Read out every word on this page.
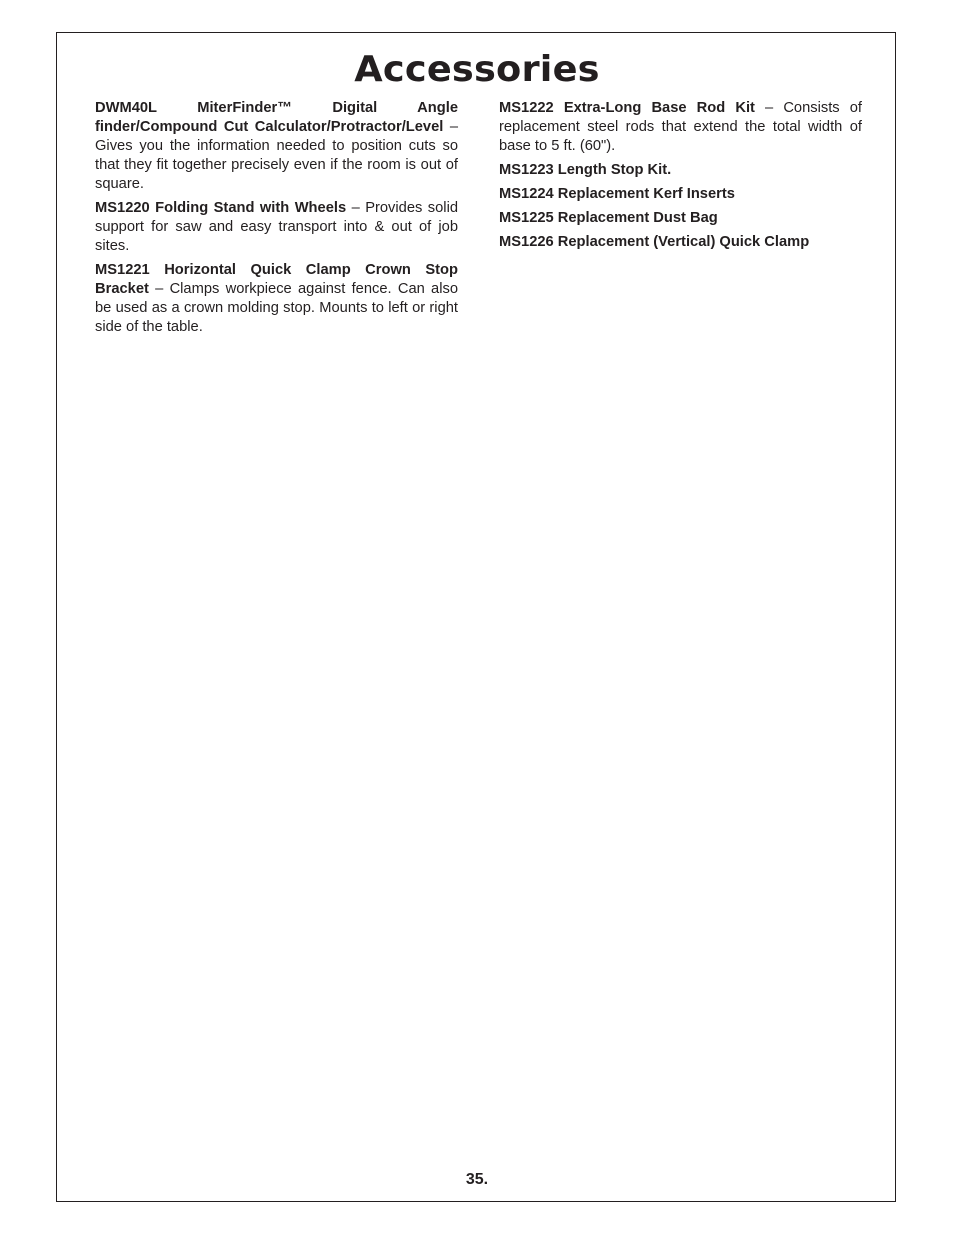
Accessories

DWM40L MiterFinder™ Digital Angle finder/Compound Cut Calculator/Protractor/Level – Gives you the information needed to position cuts so that they fit together precisely even if the room is out of square.

MS1220 Folding Stand with Wheels – Provides solid support for saw and easy transport into & out of job sites.

MS1221 Horizontal Quick Clamp Crown Stop Bracket – Clamps workpiece against fence. Can also be used as a crown molding stop. Mounts to left or right side of the table.

MS1222 Extra-Long Base Rod Kit – Consists of replacement steel rods that extend the total width of base to 5 ft. (60").

MS1223 Length Stop Kit.

MS1224 Replacement Kerf Inserts

MS1225 Replacement Dust Bag

MS1226 Replacement (Vertical) Quick Clamp

35.
